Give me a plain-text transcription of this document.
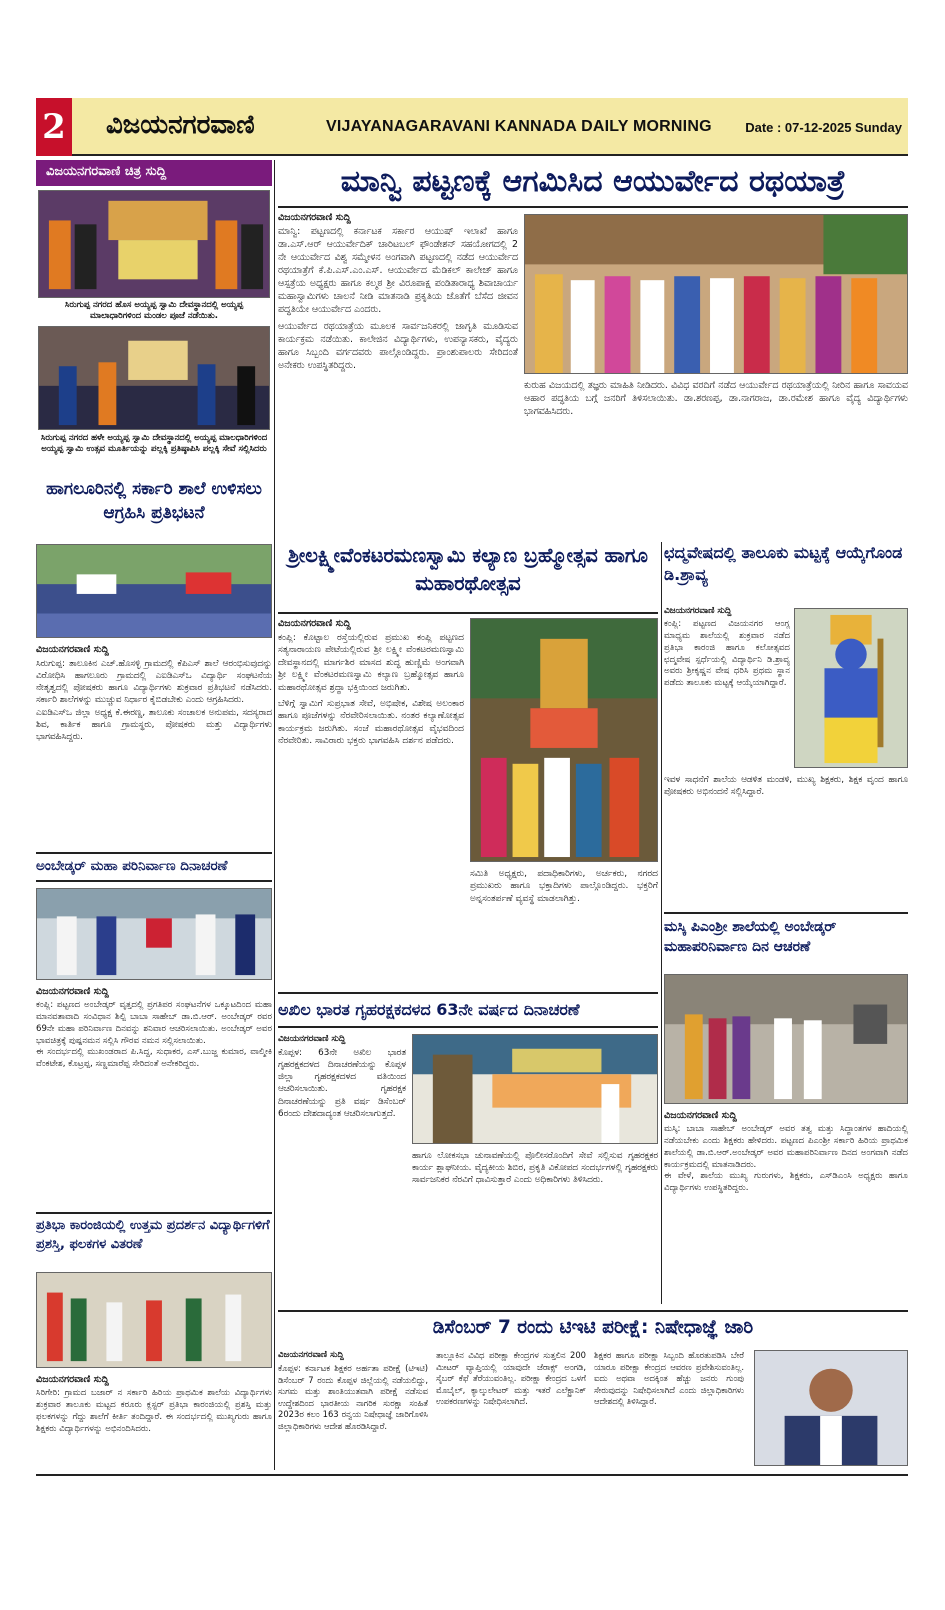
2 ವಿಜಯನಗರವಾಣಿ	VIJAYANAGARAVANI KANNADA DAILY MORNING	Date : 07-12-2025 Sunday
ವಿಜಯನಗರವಾಣಿ ಚಿತ್ರ ಸುದ್ದಿ
ಸಿರುಗುಪ್ಪ ನಗರದ ಹೊಸ ಅಯ್ಯಪ್ಪ ಸ್ವಾಮಿ ದೇವಸ್ಥಾನದಲ್ಲಿ ಅಯ್ಯಪ್ಪ ಮಾಲಾಧಾರಿಗಳಿಂದ ಮಂಡಲ ಪೂಜೆ ನಡೆಯಿತು.
ಸಿರುಗುಪ್ಪ ನಗರದ ಹಳೇ ಅಯ್ಯಪ್ಪ ಸ್ವಾಮಿ ದೇವಸ್ಥಾನದಲ್ಲಿ ಅಯ್ಯಪ್ಪ ಮಾಲಧಾರಿಗಳಿಂದ ಅಯ್ಯಪ್ಪ ಸ್ವಾಮಿ ಉತ್ಸವ ಮೂರ್ತಿಯನ್ನು ಪಲ್ಲಕ್ಕಿ ಪ್ರತಿಷ್ಠಾಪಿಸಿ ಪಲ್ಲಕ್ಕಿ ಸೇವೆ ಸಲ್ಲಿಸಿದರು
ಹಾಗಲೂರಿನಲ್ಲಿ ಸರ್ಕಾರಿ ಶಾಲೆ ಉಳಿಸಲು ಆಗ್ರಹಿಸಿ ಪ್ರತಿಭಟನೆ
ವಿಜಯನಗರವಾಣಿ ಸುದ್ದಿ
ಸಿರುಗುಪ್ಪ: ತಾಲೂಕಿನ ಎಚ್.ಹೊಸಳ್ಳಿ ಗ್ರಾಮದಲ್ಲಿ ಕೆಪಿಎಸ್ ಶಾಲೆ ಆರಂಭಿಸುವುದನ್ನು ವಿರೋಧಿಸಿ ಹಾಗಲೂರು ಗ್ರಾಮದಲ್ಲಿ ಎಐಡಿಎಸ್ಒ ವಿದ್ಯಾರ್ಥಿ ಸಂಘಟನೆಯ ನೇತೃತ್ವದಲ್ಲಿ ಪೋಷಕರು ಹಾಗೂ ವಿದ್ಯಾರ್ಥಿಗಳು ಶುಕ್ರವಾರ ಪ್ರತಿಭಟನೆ ನಡೆಸಿದರು. ಸರ್ಕಾರಿ ಶಾಲೆಗಳನ್ನು ಮುಚ್ಚುವ ನಿರ್ಧಾರ ಕೈಬಿಡಬೇಕು ಎಂದು ಆಗ್ರಹಿಸಿದರು.
ಎಐಡಿಎಸ್ಒ ಜಿಲ್ಲಾ ಅಧ್ಯಕ್ಷ ಕೆ.ಈರಣ್ಣ, ತಾಲೂಕು ಸಂಚಾಲಕ ಅನುಪಮ, ಸದಸ್ಯರಾದ ಶಿವ, ಕಾರ್ತಿಕ ಹಾಗೂ ಗ್ರಾಮಸ್ಥರು, ಪೋಷಕರು ಮತ್ತು ವಿದ್ಯಾರ್ಥಿಗಳು ಭಾಗವಹಿಸಿದ್ದರು.
ಅಂಬೇಡ್ಕರ್ ಮಹಾ ಪರಿನಿರ್ವಾಣ ದಿನಾಚರಣೆ
ವಿಜಯನಗರವಾಣಿ ಸುದ್ದಿ
ಕಂಪ್ಲಿ: ಪಟ್ಟಣದ ಅಂಬೇಡ್ಕರ್ ವೃತ್ತದಲ್ಲಿ ಪ್ರಗತಿಪರ ಸಂಘಟನೆಗಳ ಒಕ್ಕೂಟದಿಂದ ಮಹಾ ಮಾನವತಾವಾದಿ ಸಂವಿಧಾನ ಶಿಲ್ಪಿ ಬಾಬಾ ಸಾಹೇಬ್ ಡಾ.ಬಿ.ಆರ್. ಅಂಬೇಡ್ಕರ್ ರವರ 69ನೇ ಮಹಾ ಪರಿನಿರ್ವಾಣ ದಿನವನ್ನು ಶನಿವಾರ ಆಚರಿಸಲಾಯಿತು. ಅಂಬೇಡ್ಕರ್ ಅವರ ಭಾವಚಿತ್ರಕ್ಕೆ ಪುಷ್ಪನಮನ ಸಲ್ಲಿಸಿ ಗೌರವ ನಮನ ಸಲ್ಲಿಸಲಾಯಿತು.
ಈ ಸಂದರ್ಭದಲ್ಲಿ ಮುಖಂಡರಾದ ಪಿ.ಸಿದ್ದ, ಸುಧಾಕರ, ಎಸ್.ಬುಜ್ಜ ಕುಮಾರ, ವಾಲ್ಮೀಕಿ ವೆಂಕಟೇಶ, ಕೊಟ್ರಪ್ಪ, ಸಣ್ಣಮಾರೆಪ್ಪ ಸೇರಿದಂತೆ ಅನೇಕರಿದ್ದರು.
ಪ್ರತಿಭಾ ಕಾರಂಜಿಯಲ್ಲಿ ಉತ್ತಮ ಪ್ರದರ್ಶನ ವಿದ್ಯಾರ್ಥಿಗಳಿಗೆ ಪ್ರಶಸ್ತಿ, ಫಲಕಗಳ ವಿತರಣೆ
ವಿಜಯನಗರವಾಣಿ ಸುದ್ದಿ
ಸಿರಿಗೇರಿ: ಗ್ರಾಮದ ಬಜಾರ್ ನ ಸರ್ಕಾರಿ ಹಿರಿಯ ಪ್ರಾಥಮಿಕ ಶಾಲೆಯ ವಿದ್ಯಾರ್ಥಿಗಳು ಶುಕ್ರವಾರ ತಾಲೂಕು ಮಟ್ಟದ ಕರೂರು ಕ್ಲಸ್ಟರ್ ಪ್ರತಿಭಾ ಕಾರಂಜಿಯಲ್ಲಿ ಪ್ರಶಸ್ತಿ ಮತ್ತು ಫಲಕಗಳನ್ನು ಗೆದ್ದು ಶಾಲೆಗೆ ಕೀರ್ತಿ ತಂದಿದ್ದಾರೆ. ಈ ಸಂದರ್ಭದಲ್ಲಿ ಮುಖ್ಯಗುರು ಹಾಗೂ ಶಿಕ್ಷಕರು ವಿದ್ಯಾರ್ಥಿಗಳನ್ನು ಅಭಿನಂದಿಸಿದರು.
ಮಾನ್ವಿ ಪಟ್ಟಣಕ್ಕೆ ಆಗಮಿಸಿದ ಆಯುರ್ವೇದ ರಥಯಾತ್ರೆ
ವಿಜಯನಗರವಾಣಿ ಸುದ್ದಿ
ಮಾನ್ವಿ: ಪಟ್ಟಣದಲ್ಲಿ ಕರ್ನಾಟಕ ಸರ್ಕಾರ ಆಯುಷ್ ಇಲಾಖೆ ಹಾಗೂ ಡಾ.ಎಸ್.ಆರ್ ಆಯುರ್ವೇದಿಕ್ ಚಾರಿಟಬಲ್ ಫೌಂಡೇಶನ್ ಸಹಯೋಗದಲ್ಲಿ 2 ನೇ ಆಯುರ್ವೇದ ವಿಶ್ವ ಸಮ್ಮೇಳನ ಅಂಗವಾಗಿ ಪಟ್ಟಣದಲ್ಲಿ ನಡೆದ ಆಯುರ್ವೇದ ರಥಯಾತ್ರೆಗೆ ಕೆ.ಪಿ.ಎಸ್.ಎಂ.ಎಸ್. ಆಯುರ್ವೇದ ಮೆಡಿಕಲ್ ಕಾಲೇಜ್ ಹಾಗೂ ಆಸ್ಪತ್ರೆಯ ಅಧ್ಯಕ್ಷರು ಹಾಗೂ ಕಲ್ಮಠ ಶ್ರೀ ವಿರೂಪಾಕ್ಷ ಪಂಡಿತಾರಾಧ್ಯ ಶಿವಾಚಾರ್ಯ ಮಹಾಸ್ವಾಮಿಗಳು ಚಾಲನೆ ನೀಡಿ ಮಾತನಾಡಿ ಪ್ರಕೃತಿಯ ಜೊತೆಗೆ ಬೆಸೆದ ಜೀವನ ಪದ್ಧತಿಯೇ ಆಯುರ್ವೇದ ಎಂದರು.
ಆಯುರ್ವೇದ ರಥಯಾತ್ರೆಯ ಮೂಲಕ ಸಾರ್ವಜನಿಕರಲ್ಲಿ ಜಾಗೃತಿ ಮೂಡಿಸುವ ಕಾರ್ಯಕ್ರಮ ನಡೆಯಿತು. ಕಾಲೇಜಿನ ವಿದ್ಯಾರ್ಥಿಗಳು, ಉಪನ್ಯಾಸಕರು, ವೈದ್ಯರು ಹಾಗೂ ಸಿಬ್ಬಂದಿ ವರ್ಗದವರು ಪಾಲ್ಗೊಂಡಿದ್ದರು. ಪ್ರಾಂಶುಪಾಲರು ಸೇರಿದಂತೆ ಅನೇಕರು ಉಪಸ್ಥಿತರಿದ್ದರು.
ಕುರುಹ ವಿಜಯದಲ್ಲಿ ತಜ್ಞರು ಮಾಹಿತಿ ನೀಡಿದರು. ವಿವಿಧ ವರದಿಗೆ ನಡೆದ ಆಯುರ್ವೇದ ರಥಯಾತ್ರೆಯಲ್ಲಿ ನೀರಿನ ಹಾಗೂ ಸಾವಯವ ಆಹಾರ ಪದ್ಧತಿಯ ಬಗ್ಗೆ ಜನರಿಗೆ ತಿಳಿಸಲಾಯಿತು. ಡಾ.ಶರಣಪ್ಪ, ಡಾ.ನಾಗರಾಜ, ಡಾ.ರಮೇಶ ಹಾಗೂ ವೈದ್ಯ ವಿದ್ಯಾರ್ಥಿಗಳು ಭಾಗವಹಿಸಿದರು.
ಶ್ರೀಲಕ್ಷ್ಮೀವೆಂಕಟರಮಣಸ್ವಾಮಿ ಕಲ್ಯಾಣ ಬ್ರಹ್ಮೋತ್ಸವ ಹಾಗೂ ಮಹಾರಥೋತ್ಸವ
ವಿಜಯನಗರವಾಣಿ ಸುದ್ದಿ
ಕಂಪ್ಲಿ: ಕೊಟ್ಟಾಲ ರಸ್ತೆಯಲ್ಲಿರುವ ಪ್ರಮುಖ ಕಂಪ್ಲಿ ಪಟ್ಟಣದ ಸತ್ಯನಾರಾಯಣ ಪೇಟೆಯಲ್ಲಿರುವ ಶ್ರೀ ಲಕ್ಷ್ಮೀ ವೆಂಕಟರಮಣಸ್ವಾಮಿ ದೇವಸ್ಥಾನದಲ್ಲಿ ಮಾರ್ಗಶಿರ ಮಾಸದ ಶುದ್ಧ ಹುಣ್ಣಿಮೆ ಅಂಗವಾಗಿ ಶ್ರೀ ಲಕ್ಷ್ಮೀ ವೆಂಕಟರಮಣಸ್ವಾಮಿ ಕಲ್ಯಾಣ ಬ್ರಹ್ಮೋತ್ಸವ ಹಾಗೂ ಮಹಾರಥೋತ್ಸವ ಶ್ರದ್ಧಾ ಭಕ್ತಿಯಿಂದ ಜರುಗಿತು.
ಬೆಳಿಗ್ಗೆ ಸ್ವಾಮಿಗೆ ಸುಪ್ರಭಾತ ಸೇವೆ, ಅಭಿಷೇಕ, ವಿಶೇಷ ಅಲಂಕಾರ ಹಾಗೂ ಪೂಜೆಗಳನ್ನು ನೆರವೇರಿಸಲಾಯಿತು. ನಂತರ ಕಲ್ಯಾಣೋತ್ಸವ ಕಾರ್ಯಕ್ರಮ ಜರುಗಿತು. ಸಂಜೆ ಮಹಾರಥೋತ್ಸವ ವೈಭವದಿಂದ ನೆರವೇರಿತು. ಸಾವಿರಾರು ಭಕ್ತರು ಭಾಗವಹಿಸಿ ದರ್ಶನ ಪಡೆದರು.
ಸಮಿತಿ ಅಧ್ಯಕ್ಷರು, ಪದಾಧಿಕಾರಿಗಳು, ಅರ್ಚಕರು, ನಗರದ ಪ್ರಮುಖರು ಹಾಗೂ ಭಕ್ತಾದಿಗಳು ಪಾಲ್ಗೊಂಡಿದ್ದರು. ಭಕ್ತರಿಗೆ ಅನ್ನಸಂತರ್ಪಣೆ ವ್ಯವಸ್ಥೆ ಮಾಡಲಾಗಿತ್ತು.
ಅಖಿಲ ಭಾರತ ಗೃಹರಕ್ಷಕದಳದ 63ನೇ ವರ್ಷದ ದಿನಾಚರಣೆ
ವಿಜಯನಗರವಾಣಿ ಸುದ್ದಿ
ಕೊಪ್ಪಳ: 63ನೇ ಅಖಿಲ ಭಾರತ ಗೃಹರಕ್ಷಕದಳದ ದಿನಾಚರಣೆಯನ್ನು ಕೊಪ್ಪಳ ಜಿಲ್ಲಾ ಗೃಹರಕ್ಷಕದಳದ ವತಿಯಿಂದ ಆಚರಿಸಲಾಯಿತು. ಗೃಹರಕ್ಷಕ ದಿನಾಚರಣೆಯನ್ನು ಪ್ರತಿ ವರ್ಷ ಡಿಸೆಂಬರ್ 6ರಂದು ದೇಶದಾದ್ಯಂತ ಆಚರಿಸಲಾಗುತ್ತದೆ.
ಹಾಗೂ ಲೋಕಸಭಾ ಚುನಾವಣೆಯಲ್ಲಿ ಪೊಲೀಸರೊಂದಿಗೆ ಸೇವೆ ಸಲ್ಲಿಸುವ ಗೃಹರಕ್ಷಕರ ಕಾರ್ಯ ಶ್ಲಾಘನೀಯ. ವೈದ್ಯಕೀಯ ಶಿಬಿರ, ಪ್ರಕೃತಿ ವಿಕೋಪದ ಸಂದರ್ಭಗಳಲ್ಲಿ ಗೃಹರಕ್ಷಕರು ಸಾರ್ವಜನಿಕರ ನೆರವಿಗೆ ಧಾವಿಸುತ್ತಾರೆ ಎಂದು ಅಧಿಕಾರಿಗಳು ತಿಳಿಸಿದರು.
ಛದ್ಮವೇಷದಲ್ಲಿ ತಾಲೂಕು ಮಟ್ಟಕ್ಕೆ ಆಯ್ಕೆಗೊಂಡ ಡಿ.ಶ್ರಾವ್ಯ
ವಿಜಯನಗರವಾಣಿ ಸುದ್ದಿ
ಕಂಪ್ಲಿ: ಪಟ್ಟಣದ ವಿಜಯನಗರ ಆಂಗ್ಲ ಮಾಧ್ಯಮ ಶಾಲೆಯಲ್ಲಿ ಶುಕ್ರವಾರ ನಡೆದ ಪ್ರತಿಭಾ ಕಾರಂಜಿ ಹಾಗೂ ಕಲೋತ್ಸವದ ಛದ್ಮವೇಷ ಸ್ಪರ್ಧೆಯಲ್ಲಿ ವಿದ್ಯಾರ್ಥಿನಿ ಡಿ.ಶ್ರಾವ್ಯ ಅವರು ಶ್ರೀಕೃಷ್ಣನ ವೇಷ ಧರಿಸಿ ಪ್ರಥಮ ಸ್ಥಾನ ಪಡೆದು ತಾಲೂಕು ಮಟ್ಟಕ್ಕೆ ಆಯ್ಕೆಯಾಗಿದ್ದಾರೆ.
ಇವಳ ಸಾಧನೆಗೆ ಶಾಲೆಯ ಆಡಳಿತ ಮಂಡಳಿ, ಮುಖ್ಯ ಶಿಕ್ಷಕರು, ಶಿಕ್ಷಕ ವೃಂದ ಹಾಗೂ ಪೋಷಕರು ಅಭಿನಂದನೆ ಸಲ್ಲಿಸಿದ್ದಾರೆ.
ಮಸ್ಕಿ ಪಿಎಂಶ್ರೀ ಶಾಲೆಯಲ್ಲಿ ಅಂಬೇಡ್ಕರ್ ಮಹಾಪರಿನಿರ್ವಾಣ ದಿನ ಆಚರಣೆ
ವಿಜಯನಗರವಾಣಿ ಸುದ್ದಿ
ಮಸ್ಕಿ: ಬಾಬಾ ಸಾಹೇಬ್ ಅಂಬೇಡ್ಕರ್ ಅವರ ತತ್ವ ಮತ್ತು ಸಿದ್ಧಾಂತಗಳ ಹಾದಿಯಲ್ಲಿ ನಡೆಯಬೇಕು ಎಂದು ಶಿಕ್ಷಕರು ಹೇಳಿದರು. ಪಟ್ಟಣದ ಪಿಎಂಶ್ರೀ ಸರ್ಕಾರಿ ಹಿರಿಯ ಪ್ರಾಥಮಿಕ ಶಾಲೆಯಲ್ಲಿ ಡಾ.ಬಿ.ಆರ್.ಅಂಬೇಡ್ಕರ್ ಅವರ ಮಹಾಪರಿನಿರ್ವಾಣ ದಿನದ ಅಂಗವಾಗಿ ನಡೆದ ಕಾರ್ಯಕ್ರಮದಲ್ಲಿ ಮಾತನಾಡಿದರು.
ಈ ವೇಳೆ, ಶಾಲೆಯ ಮುಖ್ಯ ಗುರುಗಳು, ಶಿಕ್ಷಕರು, ಎಸ್‌ಡಿಎಂಸಿ ಅಧ್ಯಕ್ಷರು ಹಾಗೂ ವಿದ್ಯಾರ್ಥಿಗಳು ಉಪಸ್ಥಿತರಿದ್ದರು.
ಡಿಸೆಂಬರ್ 7 ರಂದು ಟಿಇಟಿ ಪರೀಕ್ಷೆ: ನಿಷೇಧಾಜ್ಞೆ ಜಾರಿ
ವಿಜಯನಗರವಾಣಿ ಸುದ್ದಿ
ಕೊಪ್ಪಳ: ಕರ್ನಾಟಕ ಶಿಕ್ಷಕರ ಅರ್ಹತಾ ಪರೀಕ್ಷೆ (ಟಿಇಟಿ) ಡಿಸೆಂಬರ್ 7 ರಂದು ಕೊಪ್ಪಳ ಜಿಲ್ಲೆಯಲ್ಲಿ ನಡೆಯಲಿದ್ದು, ಸುಗಮ ಮತ್ತು ಶಾಂತಿಯುತವಾಗಿ ಪರೀಕ್ಷೆ ನಡೆಸುವ ಉದ್ದೇಶದಿಂದ ಭಾರತೀಯ ನಾಗರಿಕ ಸುರಕ್ಷಾ ಸಂಹಿತೆ 2023ರ ಕಲಂ 163 ರನ್ವಯ ನಿಷೇಧಾಜ್ಞೆ ಜಾರಿಗೊಳಿಸಿ ಜಿಲ್ಲಾಧಿಕಾರಿಗಳು ಆದೇಶ ಹೊರಡಿಸಿದ್ದಾರೆ.
ತಾಲ್ಲೂಕಿನ ವಿವಿಧ ಪರೀಕ್ಷಾ ಕೇಂದ್ರಗಳ ಸುತ್ತಲಿನ 200 ಮೀಟರ್ ವ್ಯಾಪ್ತಿಯಲ್ಲಿ ಯಾವುದೇ ಜೆರಾಕ್ಸ್ ಅಂಗಡಿ, ಸೈಬರ್ ಕೆಫೆ ತೆರೆಯುವಂತಿಲ್ಲ. ಪರೀಕ್ಷಾ ಕೇಂದ್ರದ ಒಳಗೆ ಮೊಬೈಲ್, ಕ್ಯಾಲ್ಕುಲೇಟರ್ ಮತ್ತು ಇತರೆ ಎಲೆಕ್ಟ್ರಾನಿಕ್ ಉಪಕರಣಗಳನ್ನು ನಿಷೇಧಿಸಲಾಗಿದೆ.
ಶಿಕ್ಷಕರ ಹಾಗೂ ಪರೀಕ್ಷಾ ಸಿಬ್ಬಂದಿ ಹೊರತುಪಡಿಸಿ ಬೇರೆ ಯಾರೂ ಪರೀಕ್ಷಾ ಕೇಂದ್ರದ ಆವರಣ ಪ್ರವೇಶಿಸುವಂತಿಲ್ಲ. ಐದು ಅಥವಾ ಅದಕ್ಕಿಂತ ಹೆಚ್ಚು ಜನರು ಗುಂಪು ಸೇರುವುದನ್ನು ನಿಷೇಧಿಸಲಾಗಿದೆ ಎಂದು ಜಿಲ್ಲಾಧಿಕಾರಿಗಳು ಆದೇಶದಲ್ಲಿ ತಿಳಿಸಿದ್ದಾರೆ.
